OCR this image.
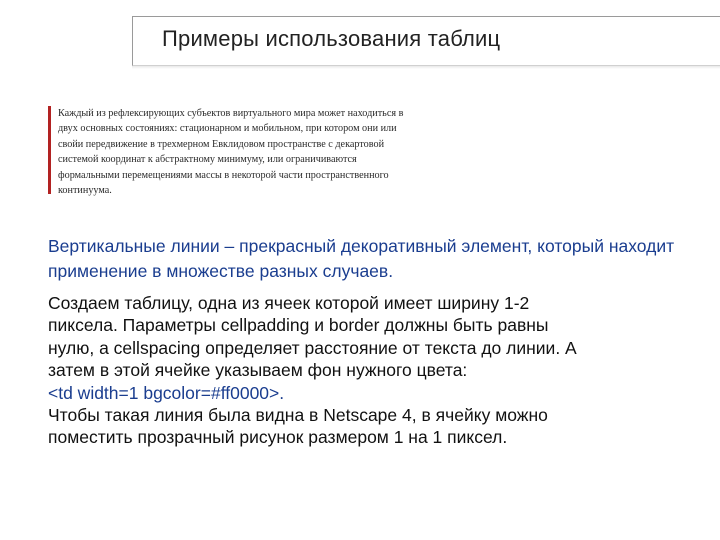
Примеры использования таблиц
Каждый из рефлексирующих субъектов виртуального мира может находиться в
двух основных состояниях: стационарном и мобильном, при котором они или
свойи передвижение в трехмерном Евклидовом пространстве с декартовой
системой координат к абстрактному минимуму, или ограничиваются
формальными перемещениями массы в некоторой части пространственного
континуума.

Вертикальные линии – прекрасный декоративный элемент, который находит применение в множестве разных случаев.

Создаем таблицу, одна из ячеек которой имеет ширину 1-2
пиксела. Параметры cellpadding и border должны быть равны
нулю, а cellspacing определяет расстояние от текста до линии. А
затем в этой ячейке указываем фон нужного цвета:
<td width=1 bgcolor=#ff0000>.
Чтобы такая линия была видна в Netscape 4, в ячейку можно
поместить прозрачный рисунок размером 1 на 1 пиксел.
